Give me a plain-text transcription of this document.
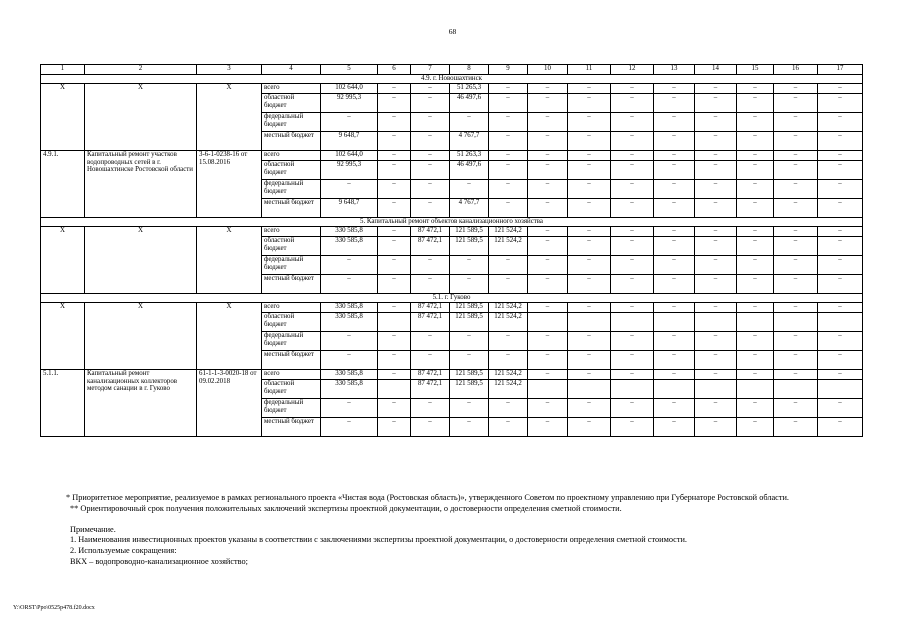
68
1	2	3	4	5	6	7	8	9	10	11	12	13	14	15	16	17
4.9. г. Новошахтинск																
Х	Х	Х	всего	102 644,0	–	–	51 265,3	–	–	–	–	–	–	–	–	–
			областной бюджет	92 995,3	–	–	46 497,6	–	–	–	–	–	–	–	–	–
			федеральный бюджет	–	–	–	–	–	–	–	–	–	–	–	–	–
			местный бюджет	9 648,7	–	–	4 767,7	–	–	–	–	–	–	–	–	–
4.9.1.	Капитальный ремонт участков водопроводных сетей в г. Новошахтинске Ростовской области	3-6-1-0238-16 от 15.08.2016	всего	102 644,0	–	–	51 263,3	–	–	–	–	–	–	–	–	–
			областной бюджет	92 995,3	–	–	46 497,6	–	–	–	–	–	–	–	–	–
			федеральный бюджет	–	–	–	–	–	–	–	–	–	–	–	–	–
			местный бюджет	9 648,7	–	–	4 767,7	–	–	–	–	–	–	–	–	–
5. Капитальный ремонт объектов канализационного хозяйства																
Х	Х	Х	всего	330 585,8	–	87 472,1	121 589,5	121 524,2	–	–	–	–	–	–	–	–
			областной бюджет	330 585,8	–	87 472,1	121 589,5	121 524,2	–	–	–	–	–	–	–	–
			федеральный бюджет	–	–	–	–	–	–	–	–	–	–	–	–	–
			местный бюджет	–	–	–	–	–	–	–	–	–	–	–	–	–
5.1. г. Гуково																
Х	Х	Х	всего	330 585,8	–	87 472,1	121 589,5	121 524,2	–	–	–	–	–	–	–	–
			областной бюджет	330 585,8		87 472,1	121 589,5	121 524,2								
			федеральный бюджет	–	–	–	–	–	–	–	–	–	–	–	–	–
			местный бюджет	–	–	–	–	–	–	–	–	–	–	–	–	–
5.1.1.	Капитальный ремонт канализационных коллекторов методом санации в г. Гуково	61-1-1-3-0020-18 от 09.02.2018	всего	330 585,8	–	87 472,1	121 589,5	121 524,2	–	–	–	–	–	–	–	–
			областной бюджет	330 585,8		87 472,1	121 589,5	121 524,2								
			федеральный бюджет	–	–	–	–	–	–	–	–	–	–	–	–	–
			местный бюджет	–	–	–	–	–	–	–	–	–	–	–	–	–

* Приоритетное мероприятие, реализуемое в рамках регионального проекта «Чистая вода (Ростовская область)», утвержденного Советом по проектному управлению при Губернаторе Ростовской области.

** Ориентировочный срок получения положительных заключений экспертизы проектной документации, о достоверности определения сметной стоимости.

Примечание.

1. Наименования инвестиционных проектов указаны в соответствии с заключениями экспертизы проектной документации, о достоверности определения сметной стоимости.

2. Используемые сокращения:

ВКХ – водопроводно-канализационное хозяйство;

Y:\ORST\Ppo\0525p478.f20.docx
